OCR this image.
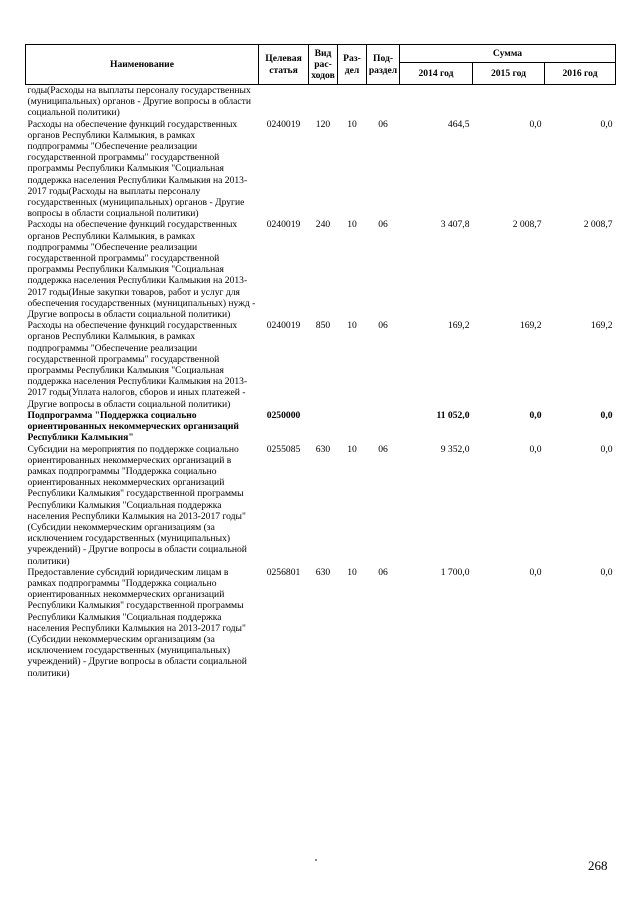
Наименование	Целевая статья	Вид рас-ходов	Раз-дел	Под-раздел	Сумма		
					2014 год	2015 год	2016 год
годы(Расходы на выплаты персоналу государственных (муниципальных) органов - Другие вопросы в области социальной политики)							
Расходы на обеспечение функций государственных органов Республики Калмыкия, в рамках подпрограммы "Обеспечение реализации государственной программы" государственной программы Республики Калмыкия "Социальная поддержка населения Республики Калмыкия на 2013-2017 годы(Расходы на выплаты персоналу государственных (муниципальных) органов - Другие вопросы в области социальной политики)	0240019	120	10	06	464,5	0,0	0,0
Расходы на обеспечение функций государственных органов Республики Калмыкия, в рамках подпрограммы "Обеспечение реализации государственной программы" государственной программы Республики Калмыкия "Социальная поддержка населения Республики Калмыкия на 2013-2017 годы(Иные закупки товаров, работ и услуг для обеспечения государственных (муниципальных) нужд - Другие вопросы в области социальной политики)	0240019	240	10	06	3 407,8	2 008,7	2 008,7
Расходы на обеспечение функций государственных органов Республики Калмыкия, в рамках подпрограммы "Обеспечение реализации государственной программы" государственной программы Республики Калмыкия "Социальная поддержка населения Республики Калмыкия на 2013-2017 годы(Уплата налогов, сборов и иных платежей - Другие вопросы в области социальной политики)	0240019	850	10	06	169,2	169,2	169,2
Подпрограмма "Поддержка социально ориентированных некоммерческих организаций Республики Калмыкия"	0250000				11 052,0	0,0	0,0
Субсидии на мероприятия по поддержке социально ориентированных некоммерческих организаций в рамках подпрограммы "Поддержка социально ориентированных некоммерческих организаций Республики Калмыкия" государственной программы Республики Калмыкия "Социальная поддержка населения Республики Калмыкия на 2013-2017 годы"(Субсидии некоммерческим организациям (за исключением государственных (муниципальных) учреждений) - Другие вопросы в области социальной политики)	0255085	630	10	06	9 352,0	0,0	0,0
Предоставление субсидий юридическим лицам в рамках подпрограммы "Поддержка социально ориентированных некоммерческих организаций Республики Калмыкия" государственной программы Республики Калмыкия "Социальная поддержка населения Республики Калмыкия на 2013-2017 годы"(Субсидии некоммерческим организациям (за исключением государственных (муниципальных) учреждений) - Другие вопросы в области социальной политики)	0256801	630	10	06	1 700,0	0,0	0,0
268
